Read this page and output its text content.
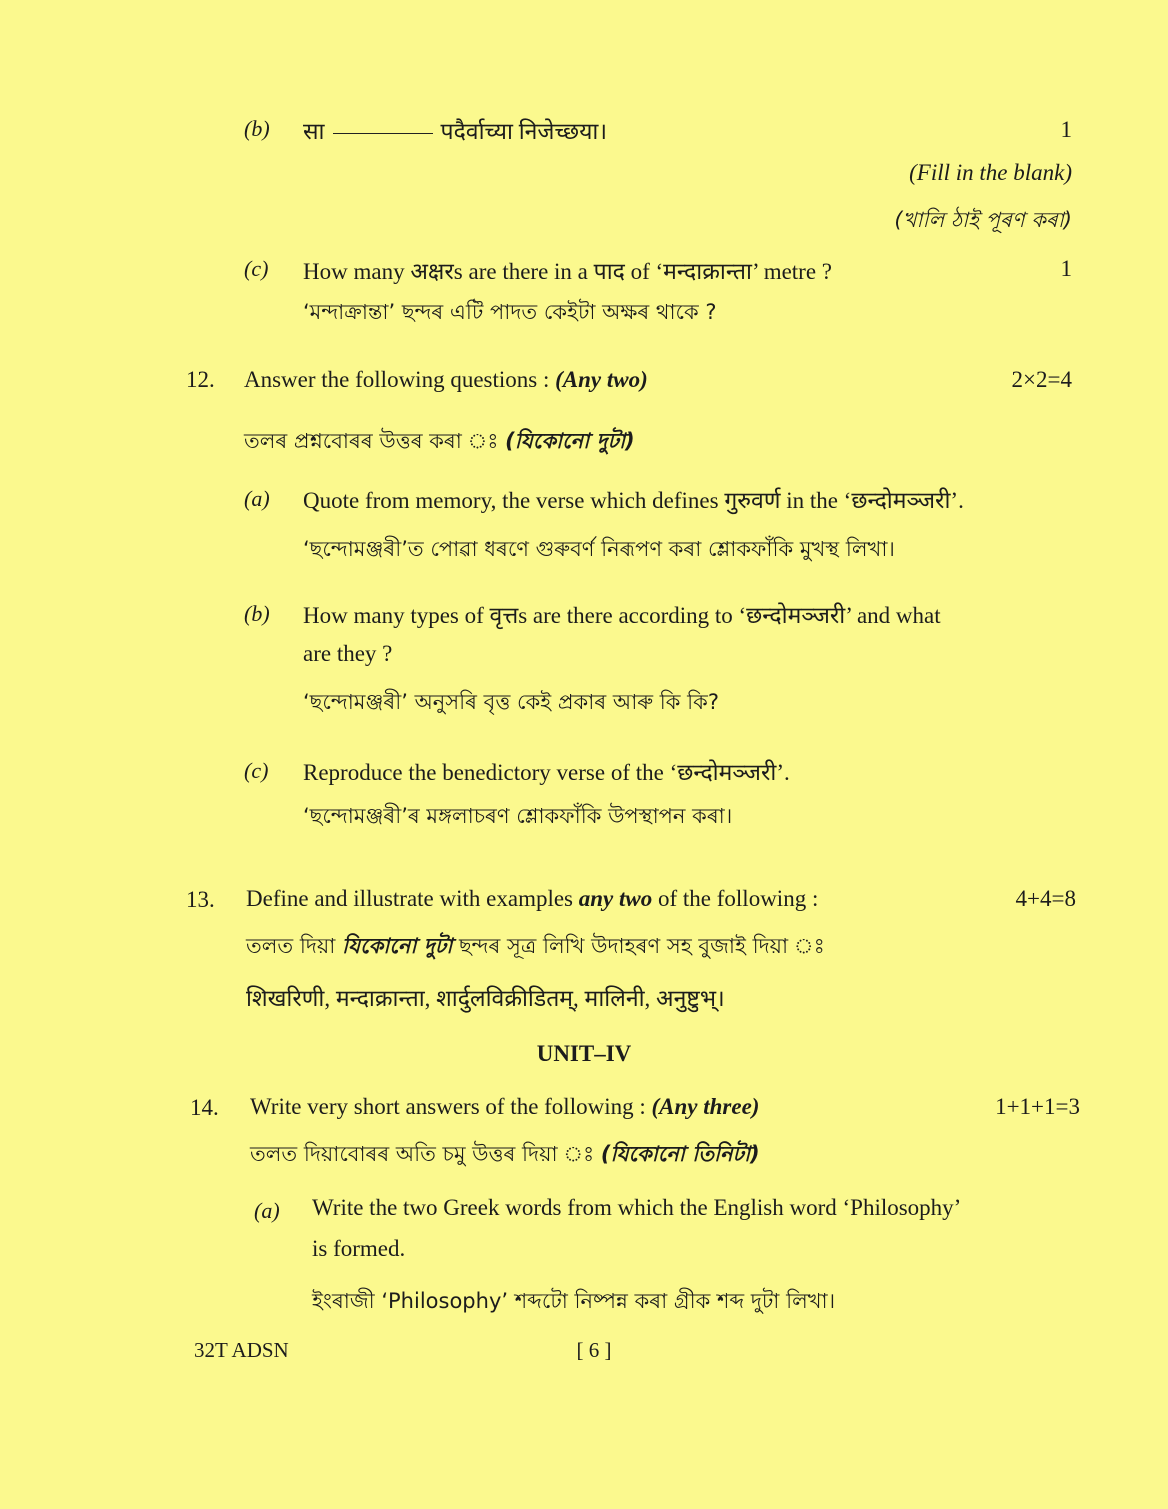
(b) सा	पदैर्वाच्या निजेच्छया।	1
(Fill in the blank)
(খালি ঠাই পূৰণ কৰা)
(c) How many अक्षरs are there in a पाद of ‘मन्दाक्रान्ता’ metre ?	1
‘মন্দাক্রান্তা’ ছন্দৰ এটি পাদত কেইটা অক্ষৰ থাকে ?
12. Answer the following questions : (Any two)	2×2=4
তলৰ প্ৰশ্নবোৰৰ উত্তৰ কৰা ঃ (যিকোনো দুটা)
(a) Quote from memory, the verse which defines गुरुवर्ण in the ‘छन्दोमञ्जरी’.
‘ছন্দোমঞ্জৰী’ত পোৱা ধৰণে গুৰুবৰ্ণ নিৰূপণ কৰা শ্লোকফাঁকি মুখস্থ লিখা।
(b) How many types of वृत्तs are there according to ‘छन्दोमञ्जरी’ and what
are they ?
‘ছন্দোমঞ্জৰী’ অনুসৰি বৃত্ত কেই প্ৰকাৰ আৰু কি কি?
(c) Reproduce the benedictory verse of the ‘छन्दोमञ्जरी’.
‘ছন্দোমঞ্জৰী’ৰ মঙ্গলাচৰণ শ্লোকফাঁকি উপস্থাপন কৰা।
13. Define and illustrate with examples any two of the following :	4+4=8
তলত দিয়া যিকোনো দুটা ছন্দৰ সূত্ৰ লিখি উদাহৰণ সহ বুজাই দিয়া ঃ
शिखरिणी, मन्दाक्रान्ता, शार्दुलविक्रीडितम्, मालिनी, अनुष्टुभ्।
UNIT–IV
14. Write very short answers of the following : (Any three)	1+1+1=3
তলত দিয়াবোৰৰ অতি চমু উত্তৰ দিয়া ঃ (যিকোনো তিনিটা)
(a) Write the two Greek words from which the English word ‘Philosophy’
is formed.
ইংৰাজী ‘Philosophy’ শব্দটো নিষ্পন্ন কৰা গ্ৰীক শব্দ দুটা লিখা।
32T ADSN	[ 6 ]
